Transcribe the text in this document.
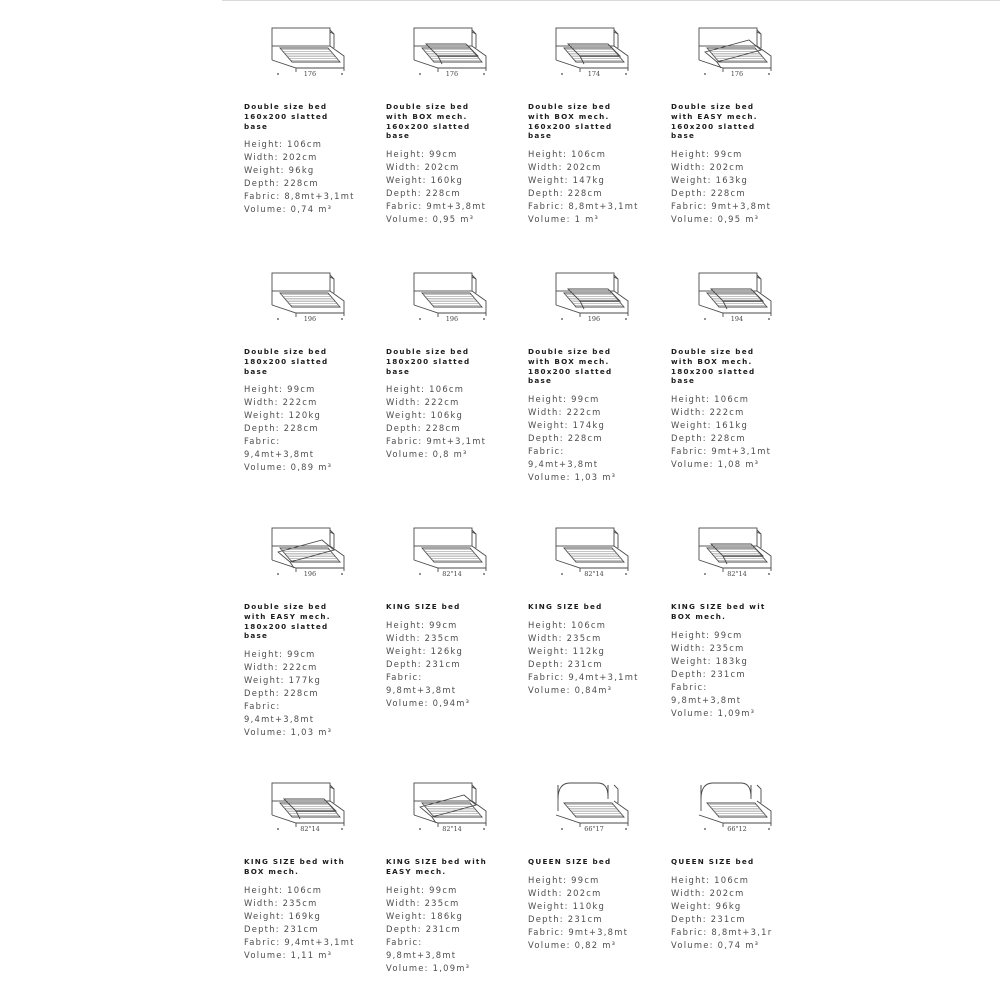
176
Double size bed
160x200 slatted
base
Height: 106cm
Width: 202cm
Weight: 96kg
Depth: 228cm
Fabric: 8,8mt+3,1mt
Volume: 0,74 m³
176
Double size bed
with BOX mech.
160x200 slatted
base
Height: 99cm
Width: 202cm
Weight: 160kg
Depth: 228cm
Fabric: 9mt+3,8mt
Volume: 0,95 m³
174
Double size bed
with BOX mech.
160x200 slatted
base
Height: 106cm
Width: 202cm
Weight: 147kg
Depth: 228cm
Fabric: 8,8mt+3,1mt
Volume: 1 m³
176
Double size bed
with EASY mech.
160x200 slatted
base
Height: 99cm
Width: 202cm
Weight: 163kg
Depth: 228cm
Fabric: 9mt+3,8mt
Volume: 0,95 m³
196
Double size bed
180x200 slatted
base
Height: 99cm
Width: 222cm
Weight: 120kg
Depth: 228cm
Fabric:
9,4mt+3,8mt
Volume: 0,89 m³
196
Double size bed
180x200 slatted
base
Height: 106cm
Width: 222cm
Weight: 106kg
Depth: 228cm
Fabric: 9mt+3,1mt
Volume: 0,8 m³
196
Double size bed
with BOX mech.
180x200 slatted
base
Height: 99cm
Width: 222cm
Weight: 174kg
Depth: 228cm
Fabric:
9,4mt+3,8mt
Volume: 1,03 m³
194
Double size bed
with BOX mech.
180x200 slatted
base
Height: 106cm
Width: 222cm
Weight: 161kg
Depth: 228cm
Fabric: 9mt+3,1mt
Volume: 1,08 m³
196
Double size bed
with EASY mech.
180x200 slatted
base
Height: 99cm
Width: 222cm
Weight: 177kg
Depth: 228cm
Fabric:
9,4mt+3,8mt
Volume: 1,03 m³
82"14
KING SIZE bed
Height: 99cm
Width: 235cm
Weight: 126kg
Depth: 231cm
Fabric:
9,8mt+3,8mt
Volume: 0,94m³
82"14
KING SIZE bed
Height: 106cm
Width: 235cm
Weight: 112kg
Depth: 231cm
Fabric: 9,4mt+3,1mt
Volume: 0,84m³
82"14
KING SIZE bed wit
BOX mech.
Height: 99cm
Width: 235cm
Weight: 183kg
Depth: 231cm
Fabric:
9,8mt+3,8mt
Volume: 1,09m³
82"14
KING SIZE bed with
BOX mech.
Height: 106cm
Width: 235cm
Weight: 169kg
Depth: 231cm
Fabric: 9,4mt+3,1mt
Volume: 1,11 m³
82"14
KING SIZE bed with
EASY mech.
Height: 99cm
Width: 235cm
Weight: 186kg
Depth: 231cm
Fabric:
9,8mt+3,8mt
Volume: 1,09m³
66"17
QUEEN SIZE bed
Height: 99cm
Width: 202cm
Weight: 110kg
Depth: 231cm
Fabric: 9mt+3,8mt
Volume: 0,82 m³
66"12
QUEEN SIZE bed
Height: 106cm
Width: 202cm
Weight: 96kg
Depth: 231cm
Fabric: 8,8mt+3,1r
Volume: 0,74 m³
